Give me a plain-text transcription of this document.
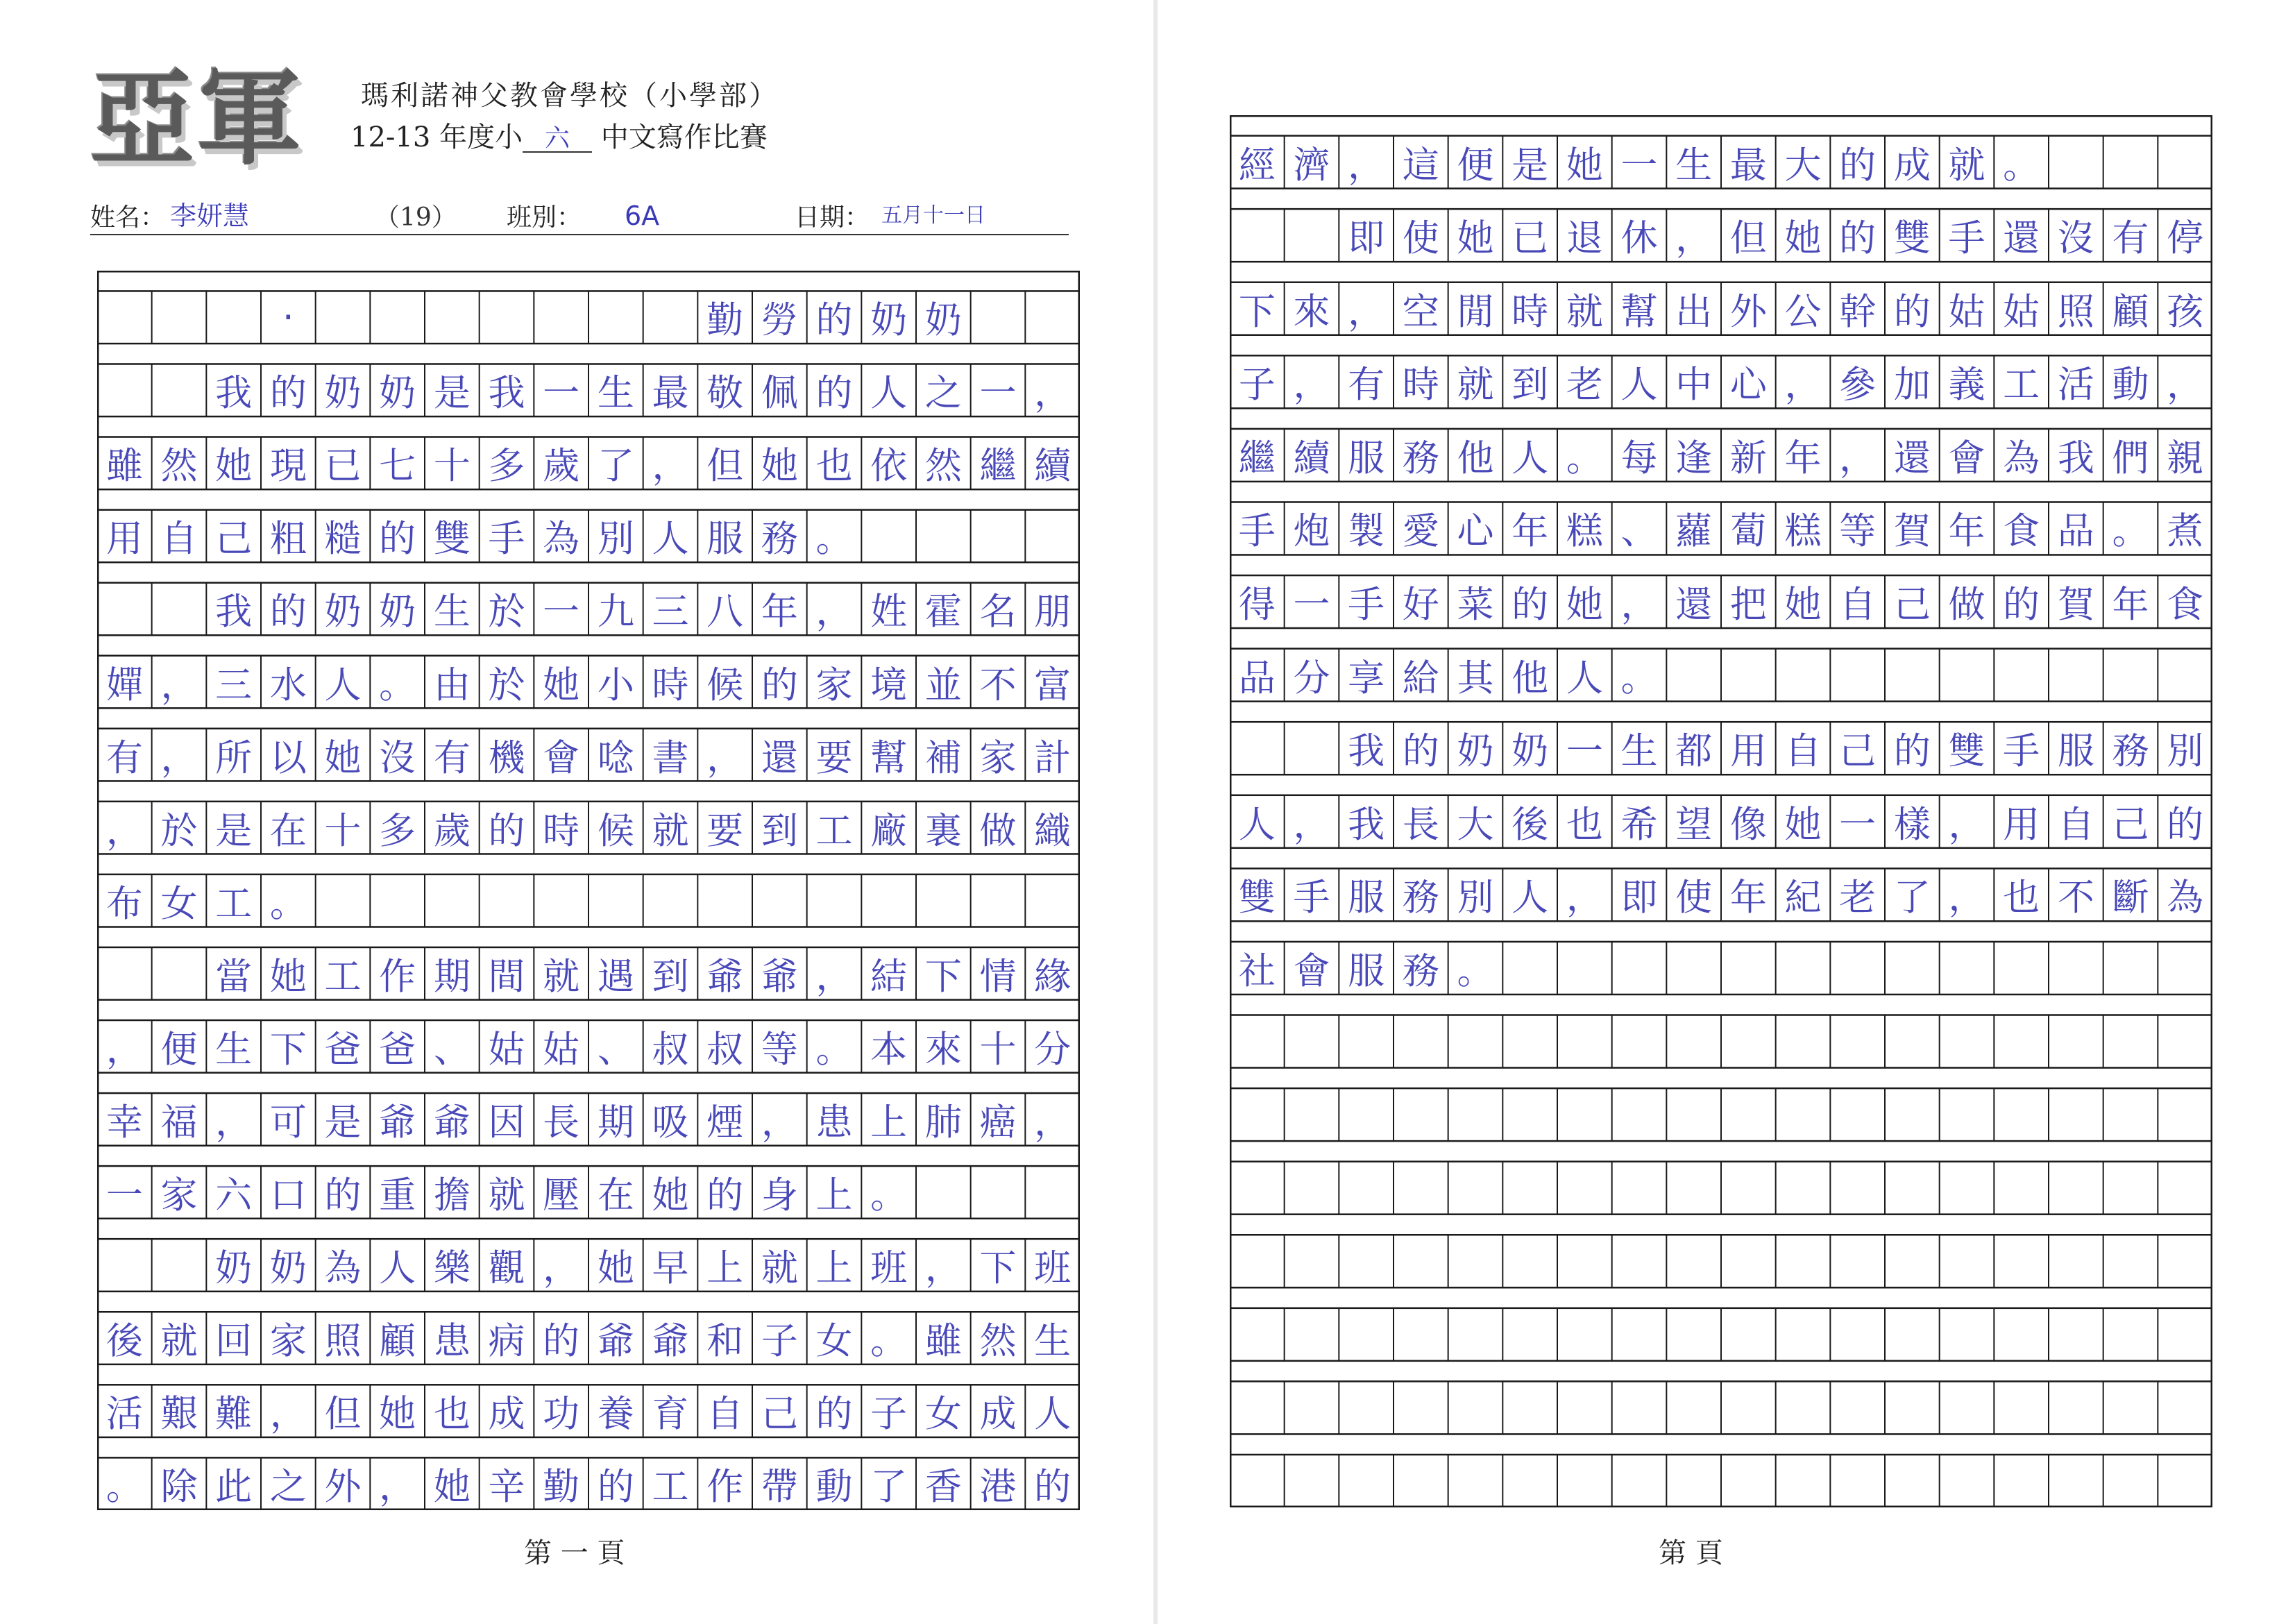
亞軍 瑪利諾神父教會學校（小學部）
12-13 年度小 六 中文寫作比賽
姓名： 李妍慧	（19） 班別： 6A	日期： 五月十一日
·	勤 勞 的 奶 奶
我 的 奶 奶 是 我 一 生 最 敬 佩 的 人 之 一 ，
雖 然 她 現 已 七 十 多 歲 了 ， 但 她 也 依 然 繼 續
用 自 己 粗 糙 的 雙 手 為 別 人 服 務 。
我 的 奶 奶 生 於 一 九 三 八 年 ， 姓 霍 名 朋
嬋 ， 三 水 人 。 由 於 她 小 時 候 的 家 境 並 不 富
有 ， 所 以 她 沒 有 機 會 唸 書 ， 還 要 幫 補 家 計
， 於 是 在 十 多 歲 的 時 候 就 要 到 工 廠 裏 做 織
布 女 工 。
當 她 工 作 期 間 就 遇 到 爺 爺 ， 結 下 情 緣
， 便 生 下 爸 爸 、 姑 姑 、 叔 叔 等 。 本 來 十 分
幸 福 ， 可 是 爺 爺 因 長 期 吸 煙 ， 患 上 肺 癌 ，
一 家 六 口 的 重 擔 就 壓 在 她 的 身 上 。
奶 奶 為 人 樂 觀 ， 她 早 上 就 上 班 ， 下 班
後 就 回 家 照 顧 患 病 的 爺 爺 和 子 女 。 雖 然 生
活 艱 難 ， 但 她 也 成 功 養 育 自 己 的 子 女 成 人
。 除 此 之 外 ， 她 辛 勤 的 工 作 帶 動 了 香 港 的
經 濟 ， 這 便 是 她 一 生 最 大 的 成 就 。
即 使 她 已 退 休 ， 但 她 的 雙 手 還 沒 有 停
下 來 ， 空 閒 時 就 幫 出 外 公 幹 的 姑 姑 照 顧 孩
子 ， 有 時 就 到 老 人 中 心 ， 參 加 義 工 活 動 ，
繼 續 服 務 他 人 。 每 逢 新 年 ， 還 會 為 我 們 親
手 炮 製 愛 心 年 糕 、 蘿 蔔 糕 等 賀 年 食 品 。 煮
得 一 手 好 菜 的 她 ， 還 把 她 自 己 做 的 賀 年 食
品 分 享 給 其 他 人 。
我 的 奶 奶 一 生 都 用 自 己 的 雙 手 服 務 別
人 ， 我 長 大 後 也 希 望 像 她 一 樣 ， 用 自 己 的
雙 手 服 務 別 人 ， 即 使 年 紀 老 了 ， 也 不 斷 為
社 會 服 務 。
第 一 頁	第 頁
